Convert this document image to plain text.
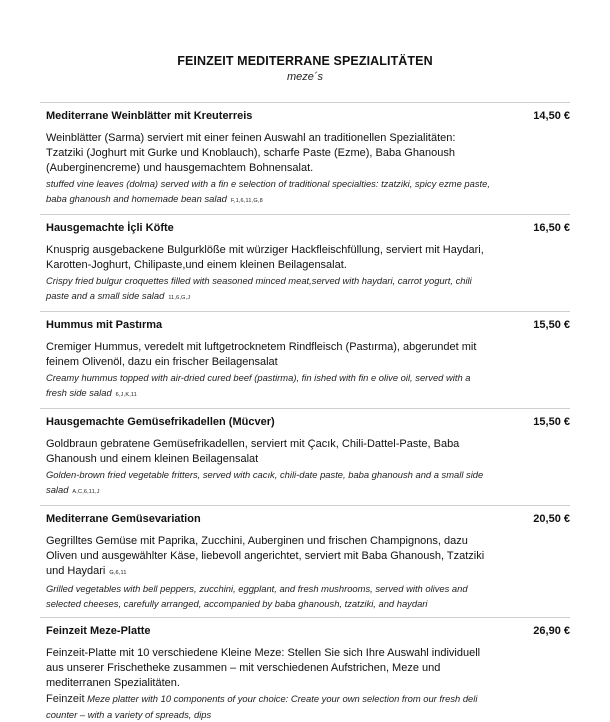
FEINZEIT MEDITERRANE SPEZIALITÄTEN
meze´s
Mediterrane Weinblätter mit Kreuterreis	14,50 €
Weinblätter (Sarma) serviert mit einer feinen Auswahl an traditionellen Spezialitäten: Tzatziki (Joghurt mit Gurke und Knoblauch), scharfe Paste (Ezme), Baba Ghanoush (Auberginencreme) und hausgemachtem Bohnensalat.
stuffed vine leaves (dolma) served with a fin e selection of traditional specialties: tzatziki, spicy ezme paste, baba ghanoush and homemade bean salad F,1,6,11,G,8
Hausgemachte İçli Köfte	16,50 €
Knusprig ausgebackene Bulgurklöße mit würziger Hackfleischfüllung, serviert mit Haydari, Karotten-Joghurt, Chilipaste,und einem kleinen Beilagensalat.
Crispy fried bulgur croquettes filled with seasoned minced meat,served with haydari, carrot yogurt, chili paste and a small side salad 11,6,G,J
Hummus mit Pastırma	15,50 €
Cremiger Hummus, veredelt mit luftgetrocknetem Rindfleisch (Pastırma), abgerundet mit feinem Olivenöl, dazu ein frischer Beilagensalat
Creamy hummus topped with air-dried cured beef (pastirma), fin ished with fin e olive oil, served with a fresh side salad 6,J,K,11
Hausgemachte Gemüsefrikadellen (Mücver)	15,50 €
Goldbraun gebratene Gemüsefrikadellen, serviert mit Çacık, Chili-Dattel-Paste, Baba Ghanoush und einem kleinen Beilagensalat
Golden-brown fried vegetable fritters, served with cacık, chili-date paste, baba ghanoush and a small side salad A,C,6,11,J
Mediterrane Gemüsevariation	20,50 €
Gegrilltes Gemüse mit Paprika, Zucchini, Auberginen und frischen Champignons, dazu Oliven und ausgewählter Käse, liebevoll angerichtet, serviert mit Baba Ghanoush, Tzatziki und Haydari G,6,11
Grilled vegetables with bell peppers, zucchini, eggplant, and fresh mushrooms, served with olives and selected cheeses, carefully arranged, accompanied by baba ghanoush, tzatziki, and haydari
Feinzeit Meze-Platte	26,90 €
Feinzeit-Platte mit 10 verschiedene Kleine Meze: Stellen Sie sich Ihre Auswahl individuell aus unserer Frischetheke zusammen – mit verschiedenen Aufstrichen, Meze und mediterranen Spezialitäten.
Feinzeit Meze platter with 10 components of your choice: Create your own selection from our fresh deli counter – with a variety of spreads, dips
